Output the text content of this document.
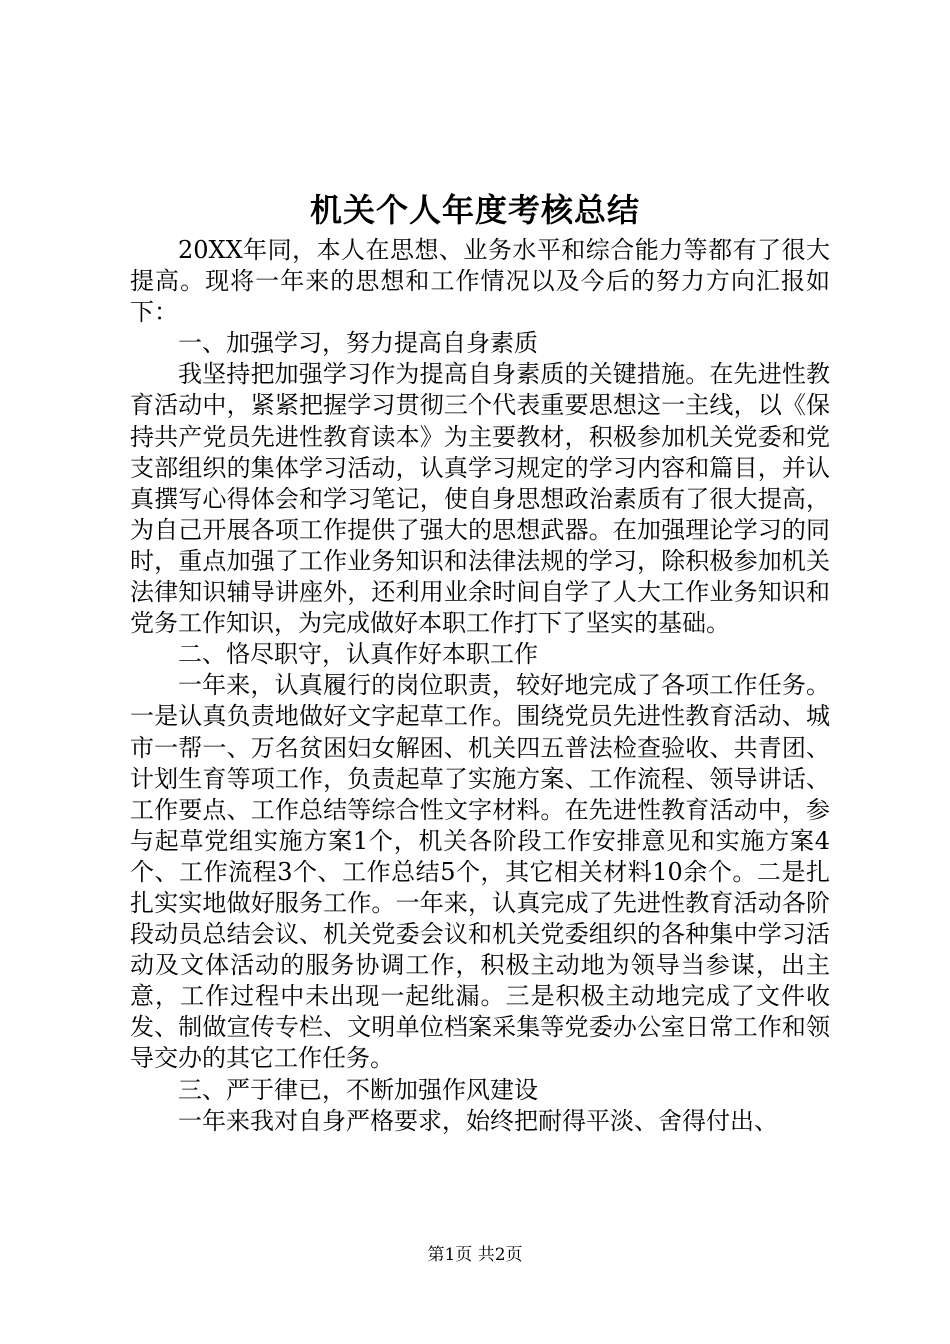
机关个人年度考核总结

20XX年同，本人在思想、业务水平和综合能力等都有了很大提高。现将一年来的思想和工作情况以及今后的努力方向汇报如下：

一、加强学习，努力提高自身素质

我坚持把加强学习作为提高自身素质的关键措施。在先进性教育活动中，紧紧把握学习贯彻三个代表重要思想这一主线，以《保持共产党员先进性教育读本》为主要教材，积极参加机关党委和党支部组织的集体学习活动，认真学习规定的学习内容和篇目，并认真撰写心得体会和学习笔记，使自身思想政治素质有了很大提高，为自己开展各项工作提供了强大的思想武器。在加强理论学习的同时，重点加强了工作业务知识和法律法规的学习，除积极参加机关法律知识辅导讲座外，还利用业余时间自学了人大工作业务知识和党务工作知识，为完成做好本职工作打下了坚实的基础。

二、恪尽职守，认真作好本职工作

一年来，认真履行的岗位职责，较好地完成了各项工作任务。一是认真负责地做好文字起草工作。围绕党员先进性教育活动、城市一帮一、万名贫困妇女解困、机关四五普法检查验收、共青团、计划生育等项工作，负责起草了实施方案、工作流程、领导讲话、工作要点、工作总结等综合性文字材料。在先进性教育活动中，参与起草党组实施方案1个，机关各阶段工作安排意见和实施方案4个、工作流程3个、工作总结5个，其它相关材料10余个。二是扎扎实实地做好服务工作。一年来，认真完成了先进性教育活动各阶段动员总结会议、机关党委会议和机关党委组织的各种集中学习活动及文体活动的服务协调工作，积极主动地为领导当参谋，出主意，工作过程中未出现一起纰漏。三是积极主动地完成了文件收发、制做宣传专栏、文明单位档案采集等党委办公室日常工作和领导交办的其它工作任务。

三、严于律已，不断加强作风建设

一年来我对自身严格要求，始终把耐得平淡、舍得付出、

第1页 共2页
